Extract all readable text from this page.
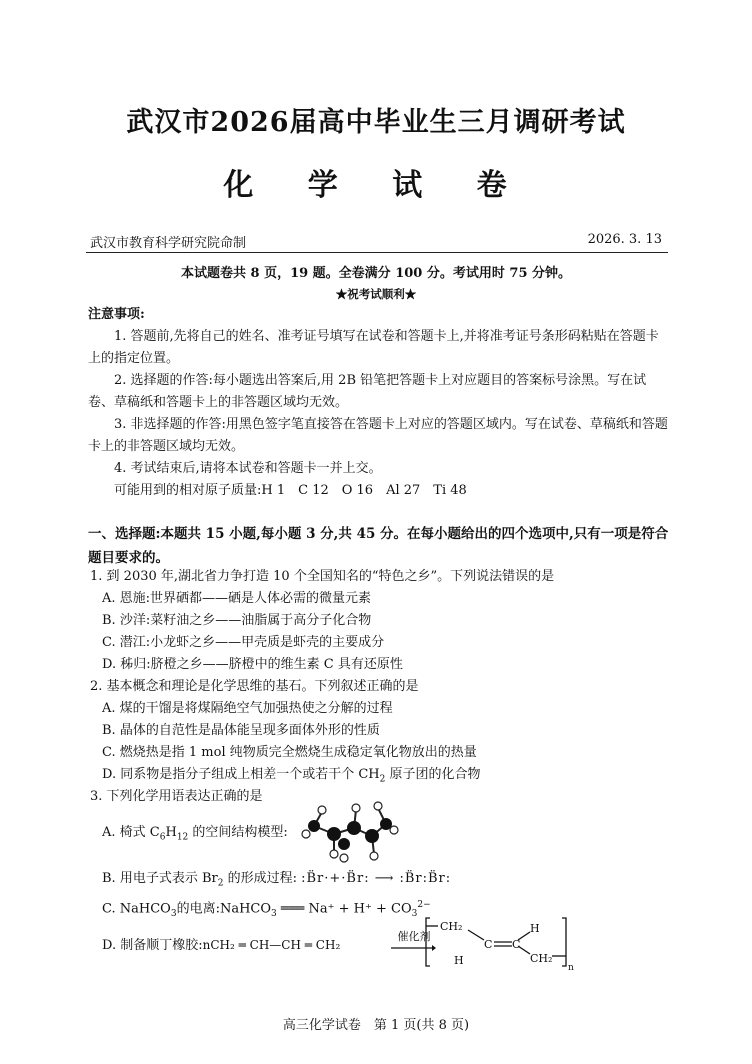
武汉市2026届高中毕业生三月调研考试
化 学 试 卷
武汉市教育科学研究院命制	2026. 3. 13
本试题卷共 8 页，19 题。全卷满分 100 分。考试用时 75 分钟。
★祝考试顺利★
注意事项:
1. 答题前,先将自己的姓名、准考证号填写在试卷和答题卡上,并将准考证号条形码粘贴在答题卡上的指定位置。
2. 选择题的作答:每小题选出答案后,用 2B 铅笔把答题卡上对应题目的答案标号涂黑。写在试卷、草稿纸和答题卡上的非答题区域均无效。
3. 非选择题的作答:用黑色签字笔直接答在答题卡上对应的答题区域内。写在试卷、草稿纸和答题卡上的非答题区域均无效。
4. 考试结束后,请将本试卷和答题卡一并上交。
可能用到的相对原子质量:H 1　C 12　O 16　Al 27　Ti 48
一、选择题:本题共 15 小题,每小题 3 分,共 45 分。在每小题给出的四个选项中,只有一项是符合题目要求的。
1. 到 2030 年,湖北省力争打造 10 个全国知名的“特色之乡”。下列说法错误的是
A. 恩施:世界硒都——硒是人体必需的微量元素
B. 沙洋:菜籽油之乡——油脂属于高分子化合物
C. 潜江:小龙虾之乡——甲壳质是虾壳的主要成分
D. 秭归:脐橙之乡——脐橙中的维生素 C 具有还原性
2. 基本概念和理论是化学思维的基石。下列叙述正确的是
A. 煤的干馏是将煤隔绝空气加强热使之分解的过程
B. 晶体的自范性是晶体能呈现多面体外形的性质
C. 燃烧热是指 1 mol 纯物质完全燃烧生成稳定氧化物放出的热量
D. 同系物是指分子组成上相差一个或若干个 $CH_2$ 原子团的化合物
3. 下列化学用语表达正确的是
A. 椅式 $C_6H_{12}$ 的空间结构模型:
B. 用电子式表示 $Br_2$ 的形成过程: :B̈r·+·B̈r: ⟶ :B̈r:B̈r:
C. NaHCO$_3$的电离:NaHCO$_3$ ═══ $Na^+ + H^+ + CO_3^{2-}$
D. 制备顺丁橡胶:nCH₂ ═ CH—CH ═ CH₂
催化剂
CH₂
C C
H
H
CH₂
n
高三化学试卷　第 1 页(共 8 页)
